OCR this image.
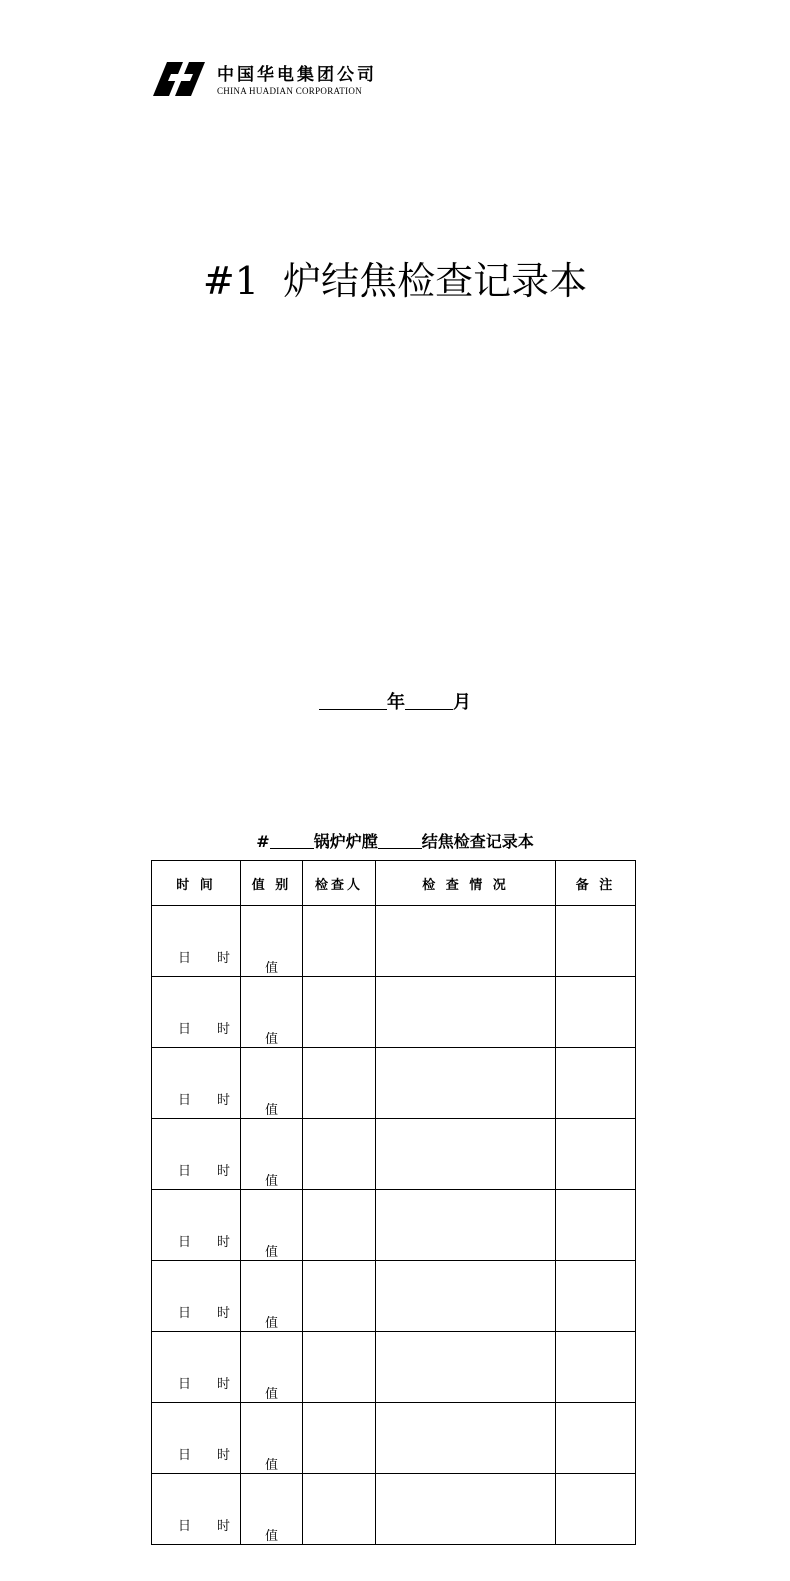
中国华电集团公司
CHINA HUADIAN CORPORATION
#1  炉结焦检查记录本
年	月
#	锅炉炉膛	结焦检查记录本
时 间	值 别	检查人	检 查 情 况	备 注

日 时	值			

日 时	值			

日 时	值			

日 时	值			

日 时	值			

日 时	值			

日 时	值			

日 时	值			

日 时	值			
